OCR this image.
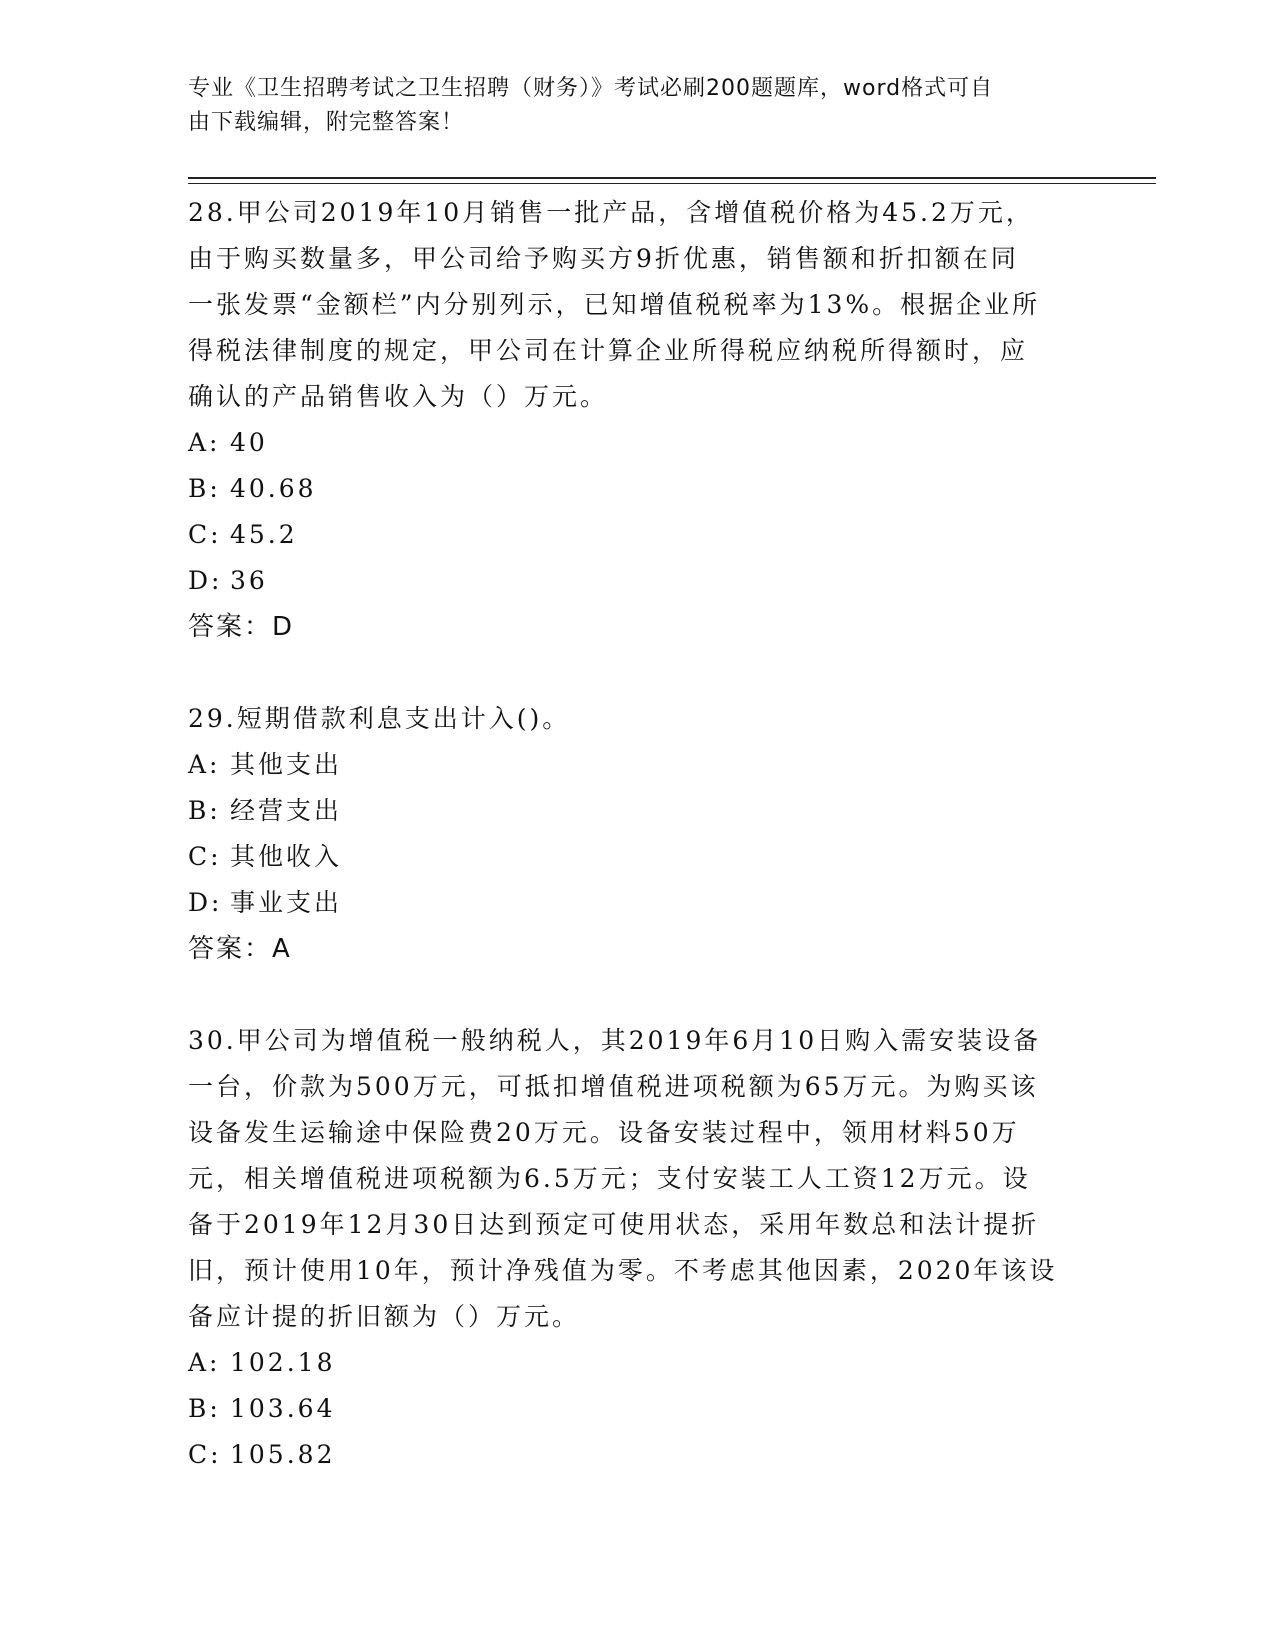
专业《卫生招聘考试之卫生招聘（财务）》考试必刷200题题库，word格式可自
由下载编辑，附完整答案！

28.甲公司2019年10月销售一批产品，含增值税价格为45.2万元，
由于购买数量多，甲公司给予购买方9折优惠，销售额和折扣额在同
一张发票“金额栏”内分别列示，已知增值税税率为13%。根据企业所
得税法律制度的规定，甲公司在计算企业所得税应纳税所得额时，应
确认的产品销售收入为（）万元。

A: 40

B: 40.68

C: 45.2

D: 36

答案：D

29.短期借款利息支出计入()。

A: 其他支出

B: 经营支出

C: 其他收入

D: 事业支出

答案：A

30.甲公司为增值税一般纳税人，其2019年6月10日购入需安装设备
一台，价款为500万元，可抵扣增值税进项税额为65万元。为购买该
设备发生运输途中保险费20万元。设备安装过程中，领用材料50万
元，相关增值税进项税额为6.5万元；支付安装工人工资12万元。设
备于2019年12月30日达到预定可使用状态，采用年数总和法计提折
旧，预计使用10年，预计净残值为零。不考虑其他因素，2020年该设
备应计提的折旧额为（）万元。

A: 102.18

B: 103.64

C: 105.82
